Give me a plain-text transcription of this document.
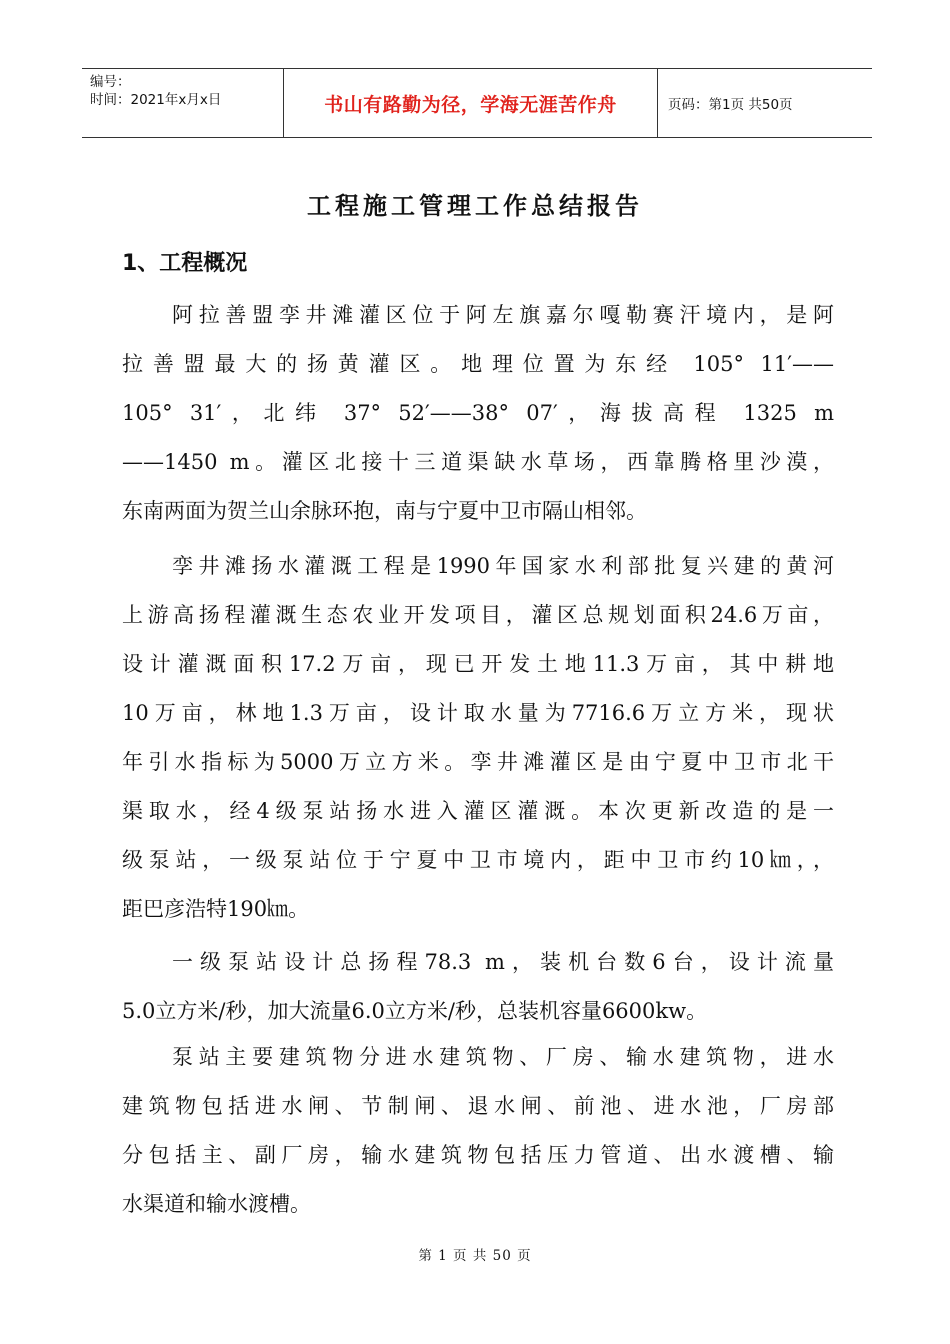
编号：
时间：2021年x月x日	书山有路勤为径，学海无涯苦作舟	页码：第1页 共50页
工程施工管理工作总结报告
1、工程概况

阿拉善盟孪井滩灌区位于阿左旗嘉尔嘎勒赛汗境内，是阿
拉善盟最大的扬黄灌区。地理位置为东经 105° 11′——
105° 31′，北纬 37° 52′——38° 07′，海拔高程 1325 m
——1450 m。灌区北接十三道渠缺水草场，西靠腾格里沙漠，
东南两面为贺兰山余脉环抱，南与宁夏中卫市隔山相邻。

孪井滩扬水灌溉工程是1990年国家水利部批复兴建的黄河
上游高扬程灌溉生态农业开发项目，灌区总规划面积24.6万亩，
设计灌溉面积17.2万亩，现已开发土地11.3万亩，其中耕地
10万亩，林地1.3万亩，设计取水量为7716.6万立方米，现状
年引水指标为5000万立方米。孪井滩灌区是由宁夏中卫市北干
渠取水，经4级泵站扬水进入灌区灌溉。本次更新改造的是一
级泵站，一级泵站位于宁夏中卫市境内，距中卫市约10㎞，，
距巴彦浩特190㎞。

一级泵站设计总扬程78.3 m，装机台数6台，设计流量
5.0立方米/秒，加大流量6.0立方米/秒，总装机容量6600kw。

泵站主要建筑物分进水建筑物、厂房、输水建筑物，进水
建筑物包括进水闸、节制闸、退水闸、前池、进水池，厂房部
分包括主、副厂房，输水建筑物包括压力管道、出水渡槽、输
水渠道和输水渡槽。

第 1 页 共 50 页
